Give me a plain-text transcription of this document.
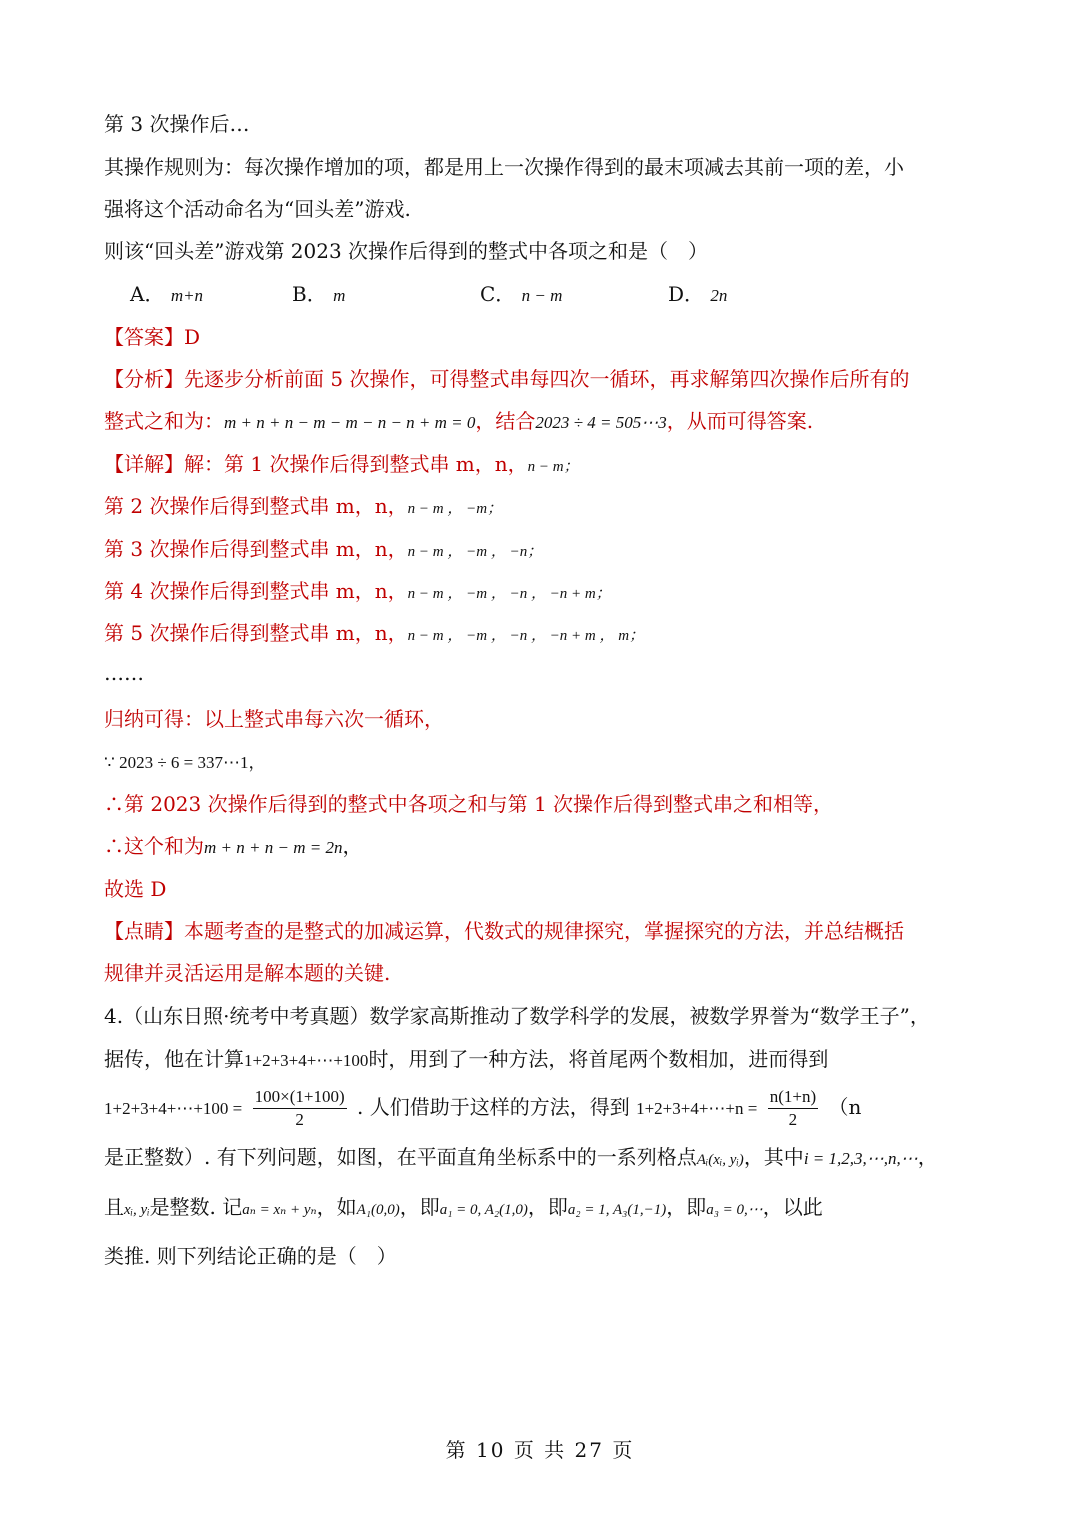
第 3 次操作后…
其操作规则为：每次操作增加的项，都是用上一次操作得到的最末项减去其前一项的差，小
强将这个活动命名为“回头差”游戏.
则该“回头差”游戏第 2023 次操作后得到的整式中各项之和是（　）
A． m+n	B． m	C． n − m	D． 2n
【答案】D
【分析】先逐步分析前面 5 次操作，可得整式串每四次一循环，再求解第四次操作后所有的
整式之和为：m + n + n − m − m − n − n + m = 0，结合2023 ÷ 4 = 505⋯3，从而可得答案.
【详解】解：第 1 次操作后得到整式串 m，n，n − m；
第 2 次操作后得到整式串 m，n，n − m ， −m；
第 3 次操作后得到整式串 m，n，n − m ， −m ， −n；
第 4 次操作后得到整式串 m，n，n − m ， −m ， −n ， −n + m；
第 5 次操作后得到整式串 m，n，n − m ， −m ， −n ， −n + m ， m；
……
归纳可得：以上整式串每六次一循环，
∵ 2023 ÷ 6 = 337⋯1，
∴第 2023 次操作后得到的整式中各项之和与第 1 次操作后得到整式串之和相等，
∴这个和为m + n + n − m = 2n，
故选 D
【点睛】本题考查的是整式的加减运算，代数式的规律探究，掌握探究的方法，并总结概括
规律并灵活运用是解本题的关键.
4.（山东日照·统考中考真题）数学家高斯推动了数学科学的发展，被数学界誉为“数学王子”，
据传，他在计算1+2+3+4+⋯+100时，用到了一种方法，将首尾两个数相加，进而得到
1+2+3+4+⋯+100 = $\frac{100\times(1+100)}{2}$ . 人们借助于这样的方法，得到 1+2+3+4+⋯+n = $\frac{n(1+n)}{2} (n$
是正整数）. 有下列问题，如图，在平面直角坐标系中的一系列格点Aᵢ(xᵢ, yᵢ)，其中i = 1,2,3,⋯,n,⋯，
且xᵢ, yᵢ是整数. 记aₙ = xₙ + yₙ，如A₁(0,0)，即a₁ = 0, A₂(1,0)，即a₂ = 1, A₃(1,−1)，即a₃ = 0,⋯，以此
类推. 则下列结论正确的是（　）
第 10 页 共 27 页
